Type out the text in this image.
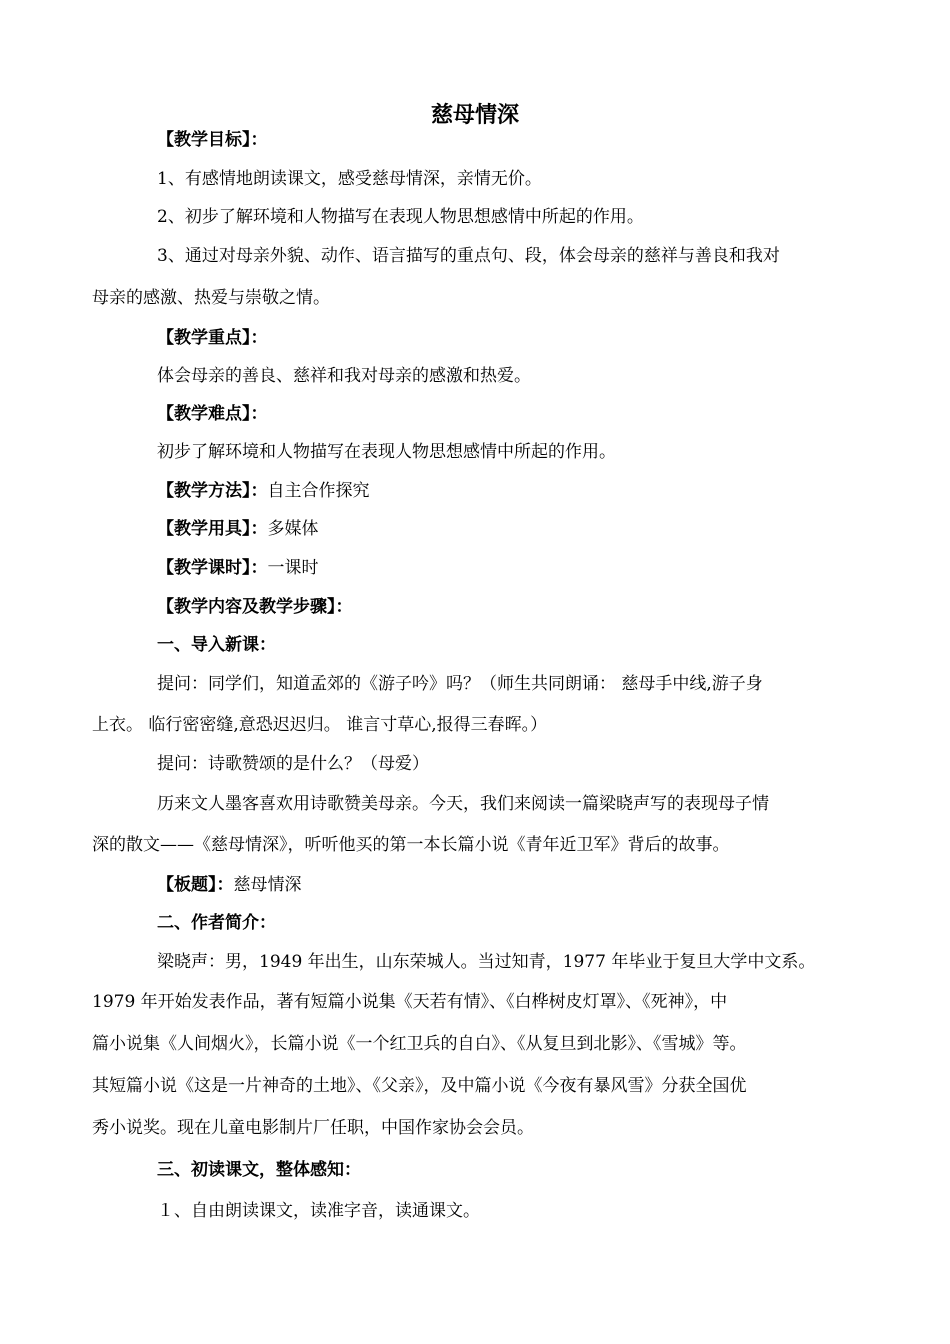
慈母情深
【教学目标】：
1、有感情地朗读课文，感受慈母情深，亲情无价。
2、初步了解环境和人物描写在表现人物思想感情中所起的作用。
3、通过对母亲外貌、动作、语言描写的重点句、段，体会母亲的慈祥与善良和我对
母亲的感激、热爱与崇敬之情。
【教学重点】：
体会母亲的善良、慈祥和我对母亲的感激和热爱。
【教学难点】：
初步了解环境和人物描写在表现人物思想感情中所起的作用。
【教学方法】：自主合作探究
【教学用具】：多媒体
【教学课时】：一课时
【教学内容及教学步骤】：
一、导入新课：
提问：同学们，知道孟郊的《游子吟》吗？（师生共同朗诵： 慈母手中线,游子身
上衣。 临行密密缝,意恐迟迟归。 谁言寸草心,报得三春晖。）
提问：诗歌赞颂的是什么？（母爱）
历来文人墨客喜欢用诗歌赞美母亲。今天，我们来阅读一篇梁晓声写的表现母子情
深的散文——《慈母情深》，听听他买的第一本长篇小说《青年近卫军》背后的故事。
【板题】：慈母情深
二、作者简介：
梁晓声：男，1949 年出生，山东荣城人。当过知青，1977 年毕业于复旦大学中文系。
1979 年开始发表作品，著有短篇小说集《天若有情》、《白桦树皮灯罩》、《死神》，中
篇小说集《人间烟火》，长篇小说《一个红卫兵的自白》、《从复旦到北影》、《雪城》等。
其短篇小说《这是一片神奇的土地》、《父亲》，及中篇小说《今夜有暴风雪》分获全国优
秀小说奖。现在儿童电影制片厂任职，中国作家协会会员。
三、初读课文，整体感知：
１、自由朗读课文，读准字音，读通课文。
